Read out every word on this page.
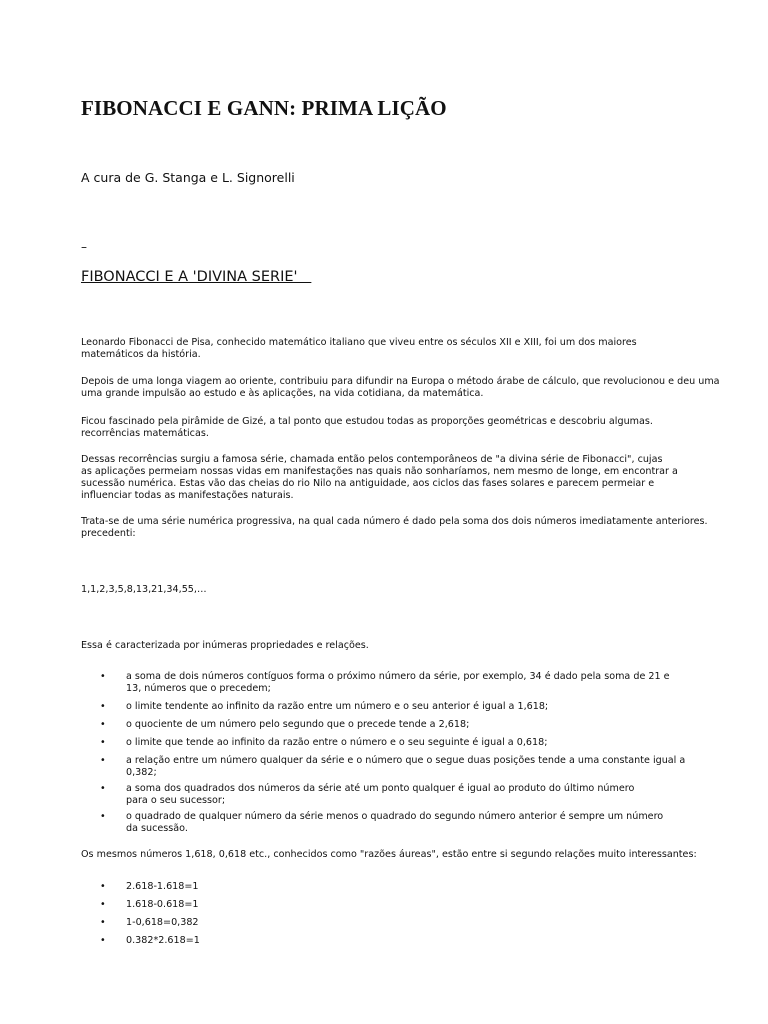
FIBONACCI E GANN: PRIMA LIÇÃO
A cura de G. Stanga e L. Signorelli
–
FIBONACCI E A 'DIVINA SERIE'

Leonardo Fibonacci de Pisa, conhecido matemático italiano que viveu entre os séculos XII e XIII, foi um dos maiores
matemáticos da história.

Depois de uma longa viagem ao oriente, contribuiu para difundir na Europa o método árabe de cálculo, que revolucionou e deu uma
uma grande impulsão ao estudo e às aplicações, na vida cotidiana, da matemática.

Ficou fascinado pela pirâmide de Gizé, a tal ponto que estudou todas as proporções geométricas e descobriu algumas.
recorrências matemáticas.

Dessas recorrências surgiu a famosa série, chamada então pelos contemporâneos de "a divina série de Fibonacci", cujas
as aplicações permeiam nossas vidas em manifestações nas quais não sonharíamos, nem mesmo de longe, em encontrar a
sucessão numérica. Estas vão das cheias do rio Nilo na antiguidade, aos ciclos das fases solares e parecem permeiar e
influenciar todas as manifestações naturais.

Trata-se de uma série numérica progressiva, na qual cada número é dado pela soma dos dois números imediatamente anteriores.
precedenti:

1,1,2,3,5,8,13,21,34,55,…

Essa é caracterizada por inúmeras propriedades e relações.

• a soma de dois números contíguos forma o próximo número da série, por exemplo, 34 é dado pela soma de 21 e
13, números que o precedem;
• o limite tendente ao infinito da razão entre um número e o seu anterior é igual a 1,618;
• o quociente de um número pelo segundo que o precede tende a 2,618;
• o limite que tende ao infinito da razão entre o número e o seu seguinte é igual a 0,618;
• a relação entre um número qualquer da série e o número que o segue duas posições tende a uma constante igual a
0,382;
• a soma dos quadrados dos números da série até um ponto qualquer é igual ao produto do último número
para o seu sucessor;
• o quadrado de qualquer número da série menos o quadrado do segundo número anterior é sempre um número
da sucessão.

Os mesmos números 1,618, 0,618 etc., conhecidos como "razões áureas", estão entre si segundo relações muito interessantes:

• 2.618-1.618=1
• 1.618-0.618=1
• 1-0,618=0,382
• 0.382*2.618=1
